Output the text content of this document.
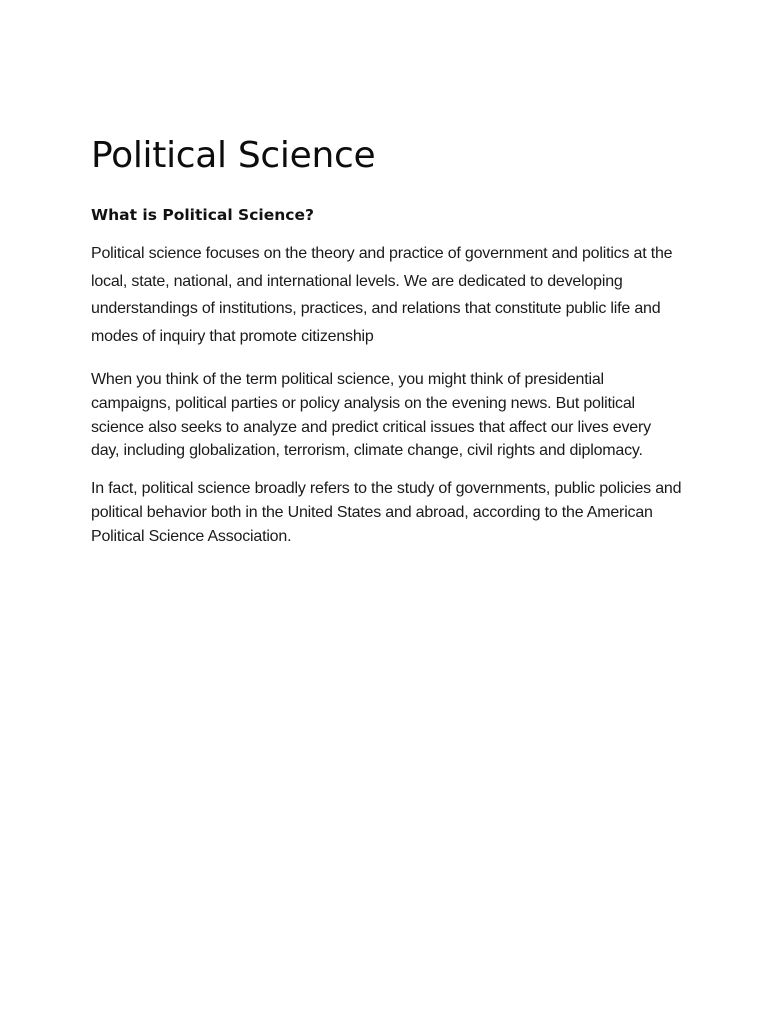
Political Science
What is Political Science?

Political science focuses on the theory and practice of government and politics at the local, state, national, and international levels. We are dedicated to developing understandings of institutions, practices, and relations that constitute public life and modes of inquiry that promote citizenship

When you think of the term political science, you might think of presidential campaigns, political parties or policy analysis on the evening news. But political science also seeks to analyze and predict critical issues that affect our lives every day, including globalization, terrorism, climate change, civil rights and diplomacy.

In fact, political science broadly refers to the study of governments, public policies and political behavior both in the United States and abroad, according to the American Political Science Association.
